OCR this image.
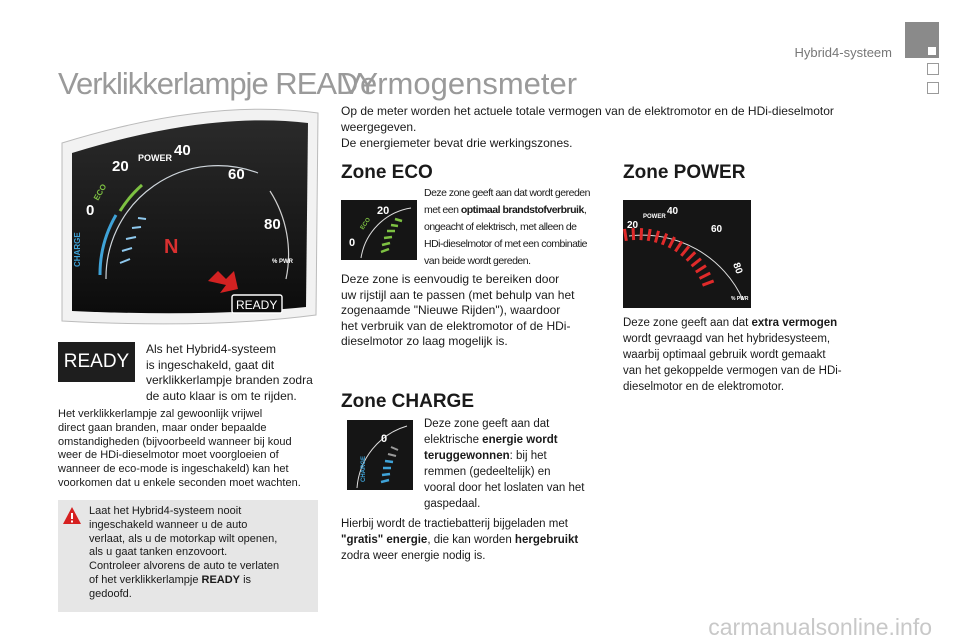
Hybrid4-systeem
Verklikkerlampje READY
0
20 POWER 40
60
80
ECO
CHARGE	N
% PWR
READY
READY
Als het Hybrid4-systeem
is ingeschakeld, gaat dit
verklikkerlampje branden zodra
de auto klaar is om te rijden.
Het verklikkerlampje zal gewoonlijk vrijwel
direct gaan branden, maar onder bepaalde
omstandigheden (bijvoorbeeld wanneer bij koud
weer de HDi-dieselmotor moet voorgloeien of
wanneer de eco-mode is ingeschakeld) kan het
voorkomen dat u enkele seconden moet wachten.
Laat het Hybrid4-systeem nooit
ingeschakeld wanneer u de auto
verlaat, als u de motorkap wilt openen,
als u gaat tanken enzovoort.
Controleer alvorens de auto te verlaten
of het verklikkerlampje READY is
gedoofd.
Vermogensmeter
Op de meter worden het actuele totale vermogen van de elektromotor en de HDi-dieselmotor
weergegeven.
De energiemeter bevat drie werkingszones.
Zone ECO
0
ECO
20
Deze zone geeft aan dat wordt gereden
met een optimaal brandstofverbruik,
ongeacht of elektrisch, met alleen de
HDi-dieselmotor of met een combinatie
van beide wordt gereden.
Deze zone is eenvoudig te bereiken door
uw rijstijl aan te passen (met behulp van het
zogenaamde "Nieuwe Rijden"), waardoor
het verbruik van de elektromotor of de HDi-
dieselmotor zo laag mogelijk is.
Zone CHARGE
CHARGE
0
Deze zone geeft aan dat
elektrische energie wordt
teruggewonnen: bij het
remmen (gedeeltelijk) en
vooral door het loslaten van het
gaspedaal.
Hierbij wordt de tractiebatterij bijgeladen met
"gratis" energie, die kan worden hergebruikt
zodra weer energie nodig is.
Zone POWER
20
POWER 40
60
80
% PWR
Deze zone geeft aan dat extra vermogen
wordt gevraagd van het hybridesysteem,
waarbij optimaal gebruik wordt gemaakt
van het gekoppelde vermogen van de HDi-
dieselmotor en de elektromotor.
carmanualsonline.info
